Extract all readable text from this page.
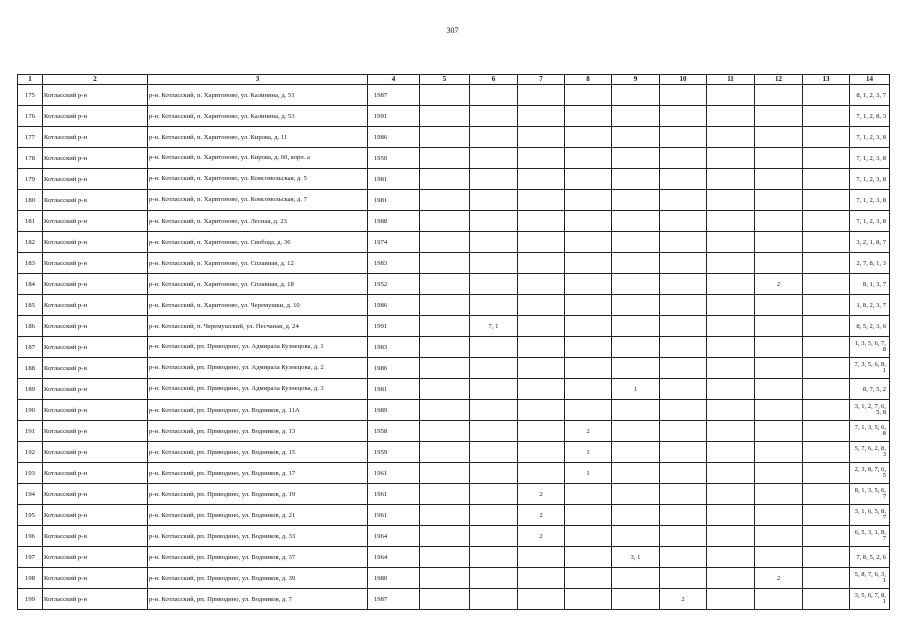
307
1	2	3	4	5	6	7	8	9	10	11	12	13	14
175	Котласский р-н	р-н. Котласский, п. Харитоново, ул. Калинина, д. 51	1987										8, 1, 2, 3, 7
176	Котласский р-н	р-н. Котласский, п. Харитоново, ул. Калинина, д. 53	1991										7, 1, 2, 8, 3
177	Котласский р-н	р-н. Котласский, п. Харитоново, ул. Кирова, д. 11	1986										7, 1, 2, 3, 8
178	Котласский р-н	р-н. Котласский, п. Харитоново, ул. Кирова, д. 60, корп. а	1950										7, 1, 2, 3, 8
179	Котласский р-н	р-н. Котласский, п. Харитоново, ул. Комсомольская, д. 5	1981										7, 1, 2, 3, 8
180	Котласский р-н	р-н. Котласский, п. Харитоново, ул. Комсомольская, д. 7	1981										7, 1, 2, 3, 8
181	Котласский р-н	р-н. Котласский, п. Харитоново, ул. Лесная, д. 23	1988										7, 1, 2, 3, 8
182	Котласский р-н	р-н. Котласский, п. Харитоново, ул. Свобода, д. 36	1974										3, 2, 1, 8, 7
183	Котласский р-н	р-н. Котласский, п. Харитоново, ул. Сплавная, д. 12	1983										2, 7, 8, 1, 3
184	Котласский р-н	р-н. Котласский, п. Харитоново, ул. Сплавная, д. 18	1952								2		8, 1, 3, 7
185	Котласский р-н	р-н. Котласский, п. Харитоново, ул. Черемушки, д. 10	1986										1, 8, 2, 3, 7
186	Котласский р-н	р-н. Котласский, п. Черемушский, ул. Песчаная, д. 24	1991		7, 1								8, 5, 2, 3, 6
187	Котласский р-н	р-н. Котласский, рп. Приводино, ул. Адмирала Кузнецова, д. 1	1983										1, 3, 5, 6, 7, 8
188	Котласский р-н	р-н. Котласский, рп. Приводино, ул. Адмирала Кузнецова, д. 2	1986										7, 3, 5, 6, 8, 1
189	Котласский р-н	р-н. Котласский, рп. Приводино, ул. Адмирала Кузнецова, д. 3	1981					1					8, 7, 5, 2
190	Котласский р-н	р-н. Котласский, рп. Приводино, ул. Водников, д. 11А	1989										3, 1, 2, 7, 6, 5, 8
191	Котласский р-н	р-н. Котласский, рп. Приводино, ул. Водников, д. 13	1958				2						7, 1, 3, 5, 6, 8
192	Котласский р-н	р-н. Котласский, рп. Приводино, ул. Водников, д. 15	1959				1						5, 7, 6, 2, 8, 3
193	Котласский р-н	р-н. Котласский, рп. Приводино, ул. Водников, д. 17	1961				1						2, 3, 8, 7, 6, 5
194	Котласский р-н	р-н. Котласский, рп. Приводино, ул. Водников, д. 19	1961			2							8, 1, 3, 5, 6, 7
195	Котласский р-н	р-н. Котласский, рп. Приводино, ул. Водников, д. 21	1961			2							3, 1, 6, 5, 8, 7
196	Котласский р-н	р-н. Котласский, рп. Приводино, ул. Водников, д. 33	1964			2							6, 5, 3, 1, 8, 7
197	Котласский р-н	р-н. Котласский, рп. Приводино, ул. Водников, д. 37	1964					3, 1					7, 8, 5, 2, 6
198	Котласский р-н	р-н. Котласский, рп. Приводино, ул. Водников, д. 39	1980								2		5, 8, 7, 6, 3, 1
199	Котласский р-н	р-н. Котласский, рп. Приводино, ул. Водников, д. 7	1987						2				3, 5, 6, 7, 8, 1
